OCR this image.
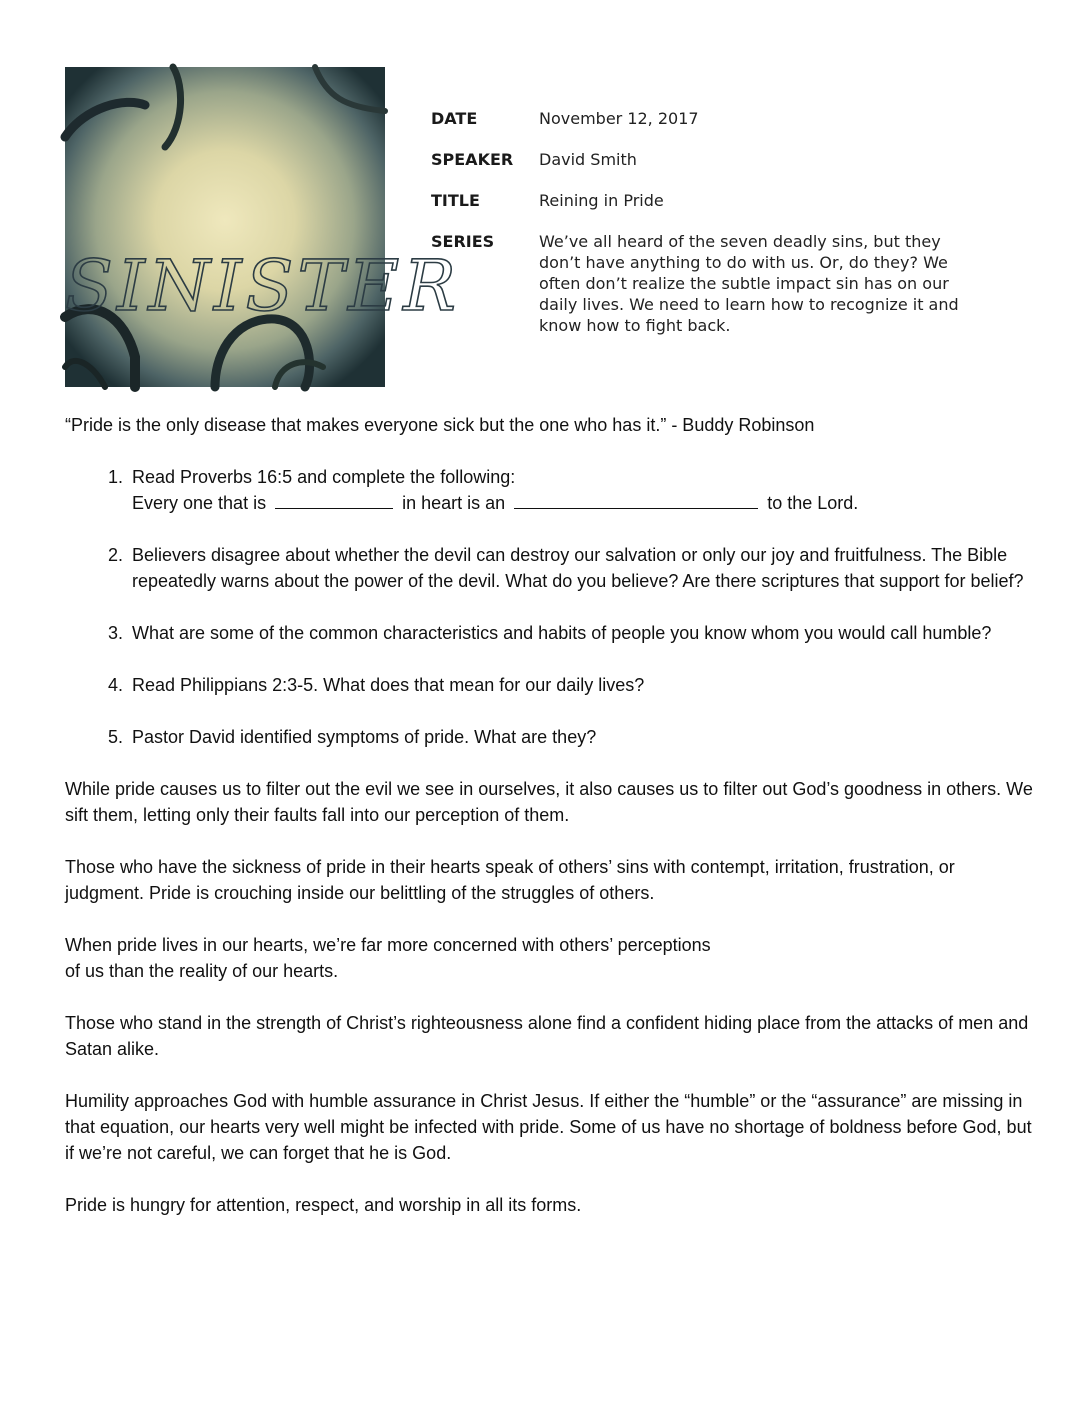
SINISTER
DATE	November 12, 2017
SPEAKER	David Smith
TITLE	Reining in Pride
SERIES	We’ve all heard of the seven deadly sins, but they don’t have anything to do with us. Or, do they? We often don’t realize the subtle impact sin has on our daily lives. We need to learn how to recognize it and know how to fight back.

“Pride is the only disease that makes everyone sick but the one who has it.” - Buddy Robinson

1. Read Proverbs 16:5 and complete the following:
Every one that is	in heart is an	to the Lord.
2. Believers disagree about whether the devil can destroy our salvation or only our joy and fruitfulness. The Bible repeatedly warns about the power of the devil. What do you believe? Are there scriptures that support for belief?
3. What are some of the common characteristics and habits of people you know whom you would call humble?
4. Read Philippians 2:3-5. What does that mean for our daily lives?
5. Pastor David identified symptoms of pride. What are they?

While pride causes us to filter out the evil we see in ourselves, it also causes us to filter out God’s goodness in others. We sift them, letting only their faults fall into our perception of them.

Those who have the sickness of pride in their hearts speak of others’ sins with contempt, irritation, frustration, or judgment. Pride is crouching inside our belittling of the struggles of others.

When pride lives in our hearts, we’re far more concerned with others’ perceptions
of us than the reality of our hearts.

Those who stand in the strength of Christ’s righteousness alone find a confident hiding place from the attacks of men and Satan alike.

Humility approaches God with humble assurance in Christ Jesus. If either the “humble” or the “assurance” are missing in that equation, our hearts very well might be infected with pride. Some of us have no shortage of boldness before God, but if we’re not careful, we can forget that he is God.

Pride is hungry for attention, respect, and worship in all its forms.
